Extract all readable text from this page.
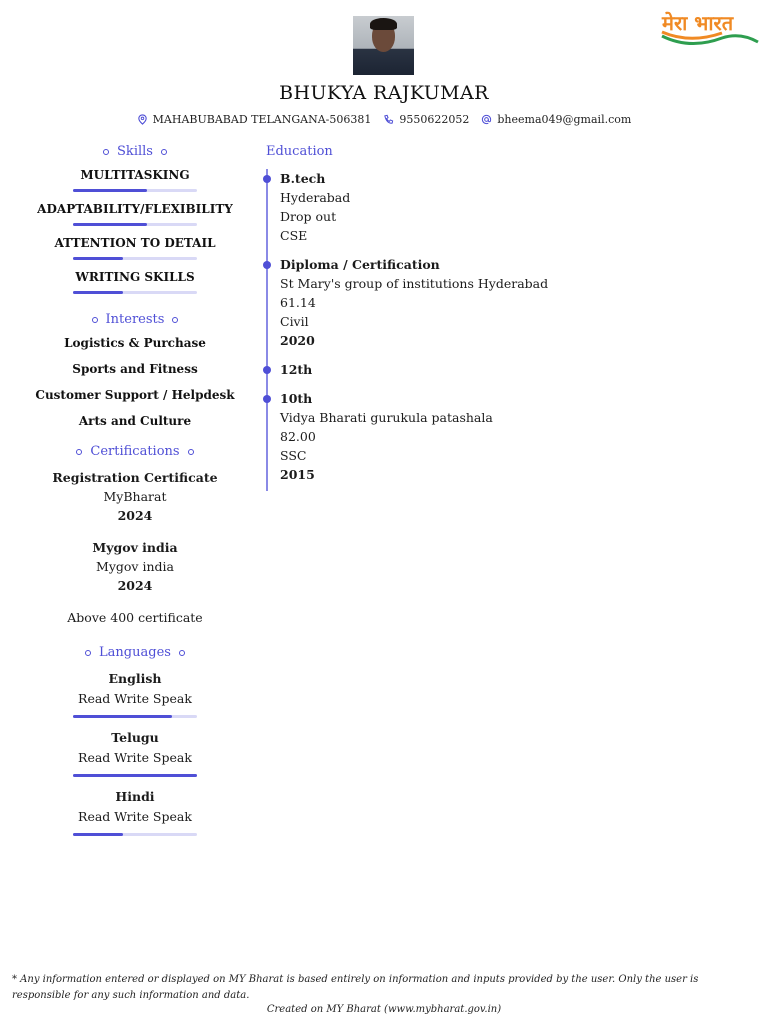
मेरा भारत
BHUKYA RAJKUMAR
MAHABUBABAD TELANGANA-506381	9550622052	bheema049@gmail.com
Skills
MULTITASKING
ADAPTABILITY/FLEXIBILITY
ATTENTION TO DETAIL
WRITING SKILLS
Interests
Logistics & Purchase
Sports and Fitness
Customer Support / Helpdesk
Arts and Culture
Certifications
Registration Certificate
MyBharat
2024
Mygov india
Mygov india
2024
Above 400 certificate
Languages
English
Read Write Speak
Telugu
Read Write Speak
Hindi
Read Write Speak
Education
B.tech
Hyderabad
Drop out
CSE
Diploma / Certification
St Mary's group of institutions Hyderabad
61.14
Civil
2020
12th
10th
Vidya Bharati gurukula patashala
82.00
SSC
2015
* Any information entered or displayed on MY Bharat is based entirely on information and inputs provided by the user. Only the user is responsible for any such information and data.
Created on MY Bharat (www.mybharat.gov.in)
